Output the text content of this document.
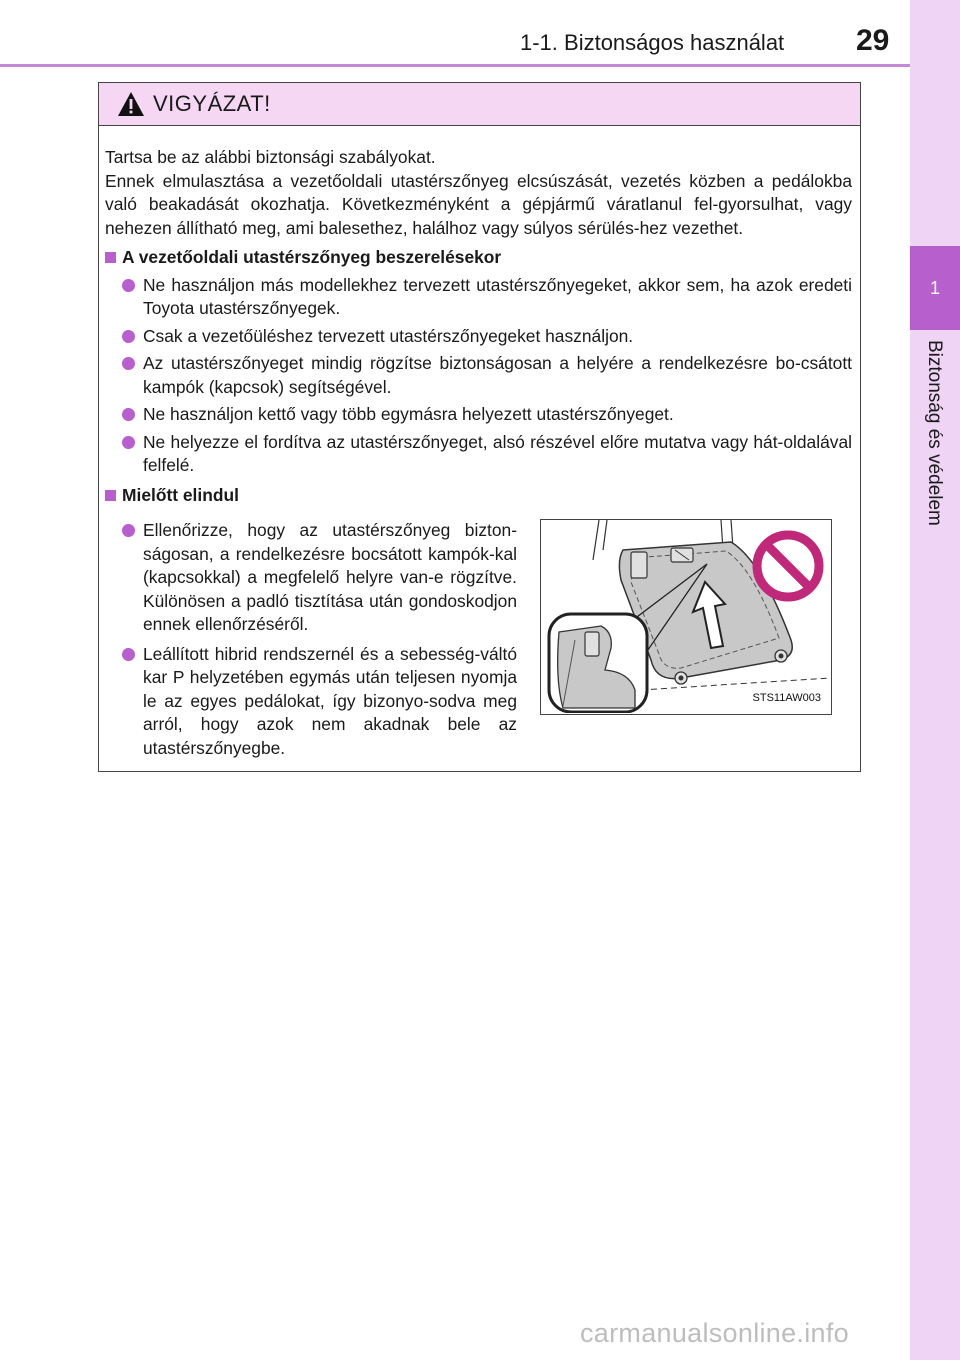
1-1. Biztonságos használat 29
1
Biztonság és védelem
VIGYÁZAT!

Tartsa be az alábbi biztonsági szabályokat.

Ennek elmulasztása a vezetőoldali utastérszőnyeg elcsúszását, vezetés közben a pedálokba való beakadását okozhatja. Következményként a gépjármű váratlanul fel-gyorsulhat, vagy nehezen állítható meg, ami balesethez, halálhoz vagy súlyos sérülés-hez vezethet.

A vezetőoldali utastérszőnyeg beszerelésekor
Ne használjon más modellekhez tervezett utastérszőnyegeket, akkor sem, ha azok eredeti Toyota utastérszőnyegek.
Csak a vezetőüléshez tervezett utastérszőnyegeket használjon.
Az utastérszőnyeget mindig rögzítse biztonságosan a helyére a rendelkezésre bo-csátott kampók (kapcsok) segítségével.
Ne használjon kettő vagy több egymásra helyezett utastérszőnyeget.
Ne helyezze el fordítva az utastérszőnyeget, alsó részével előre mutatva vagy hát-oldalával felfelé.
Mielőtt elindul
Ellenőrizze, hogy az utastérszőnyeg bizton-ságosan, a rendelkezésre bocsátott kampók-kal (kapcsokkal) a megfelelő helyre van-e rögzítve. Különösen a padló tisztítása után gondoskodjon ennek ellenőrzéséről.
Leállított hibrid rendszernél és a sebesség-váltó kar P helyzetében egymás után teljesen nyomja le az egyes pedálokat, így bizonyo-sodva meg arról, hogy azok nem akadnak bele az utastérszőnyegbe.
STS11AW003
carmanualsonline.info
